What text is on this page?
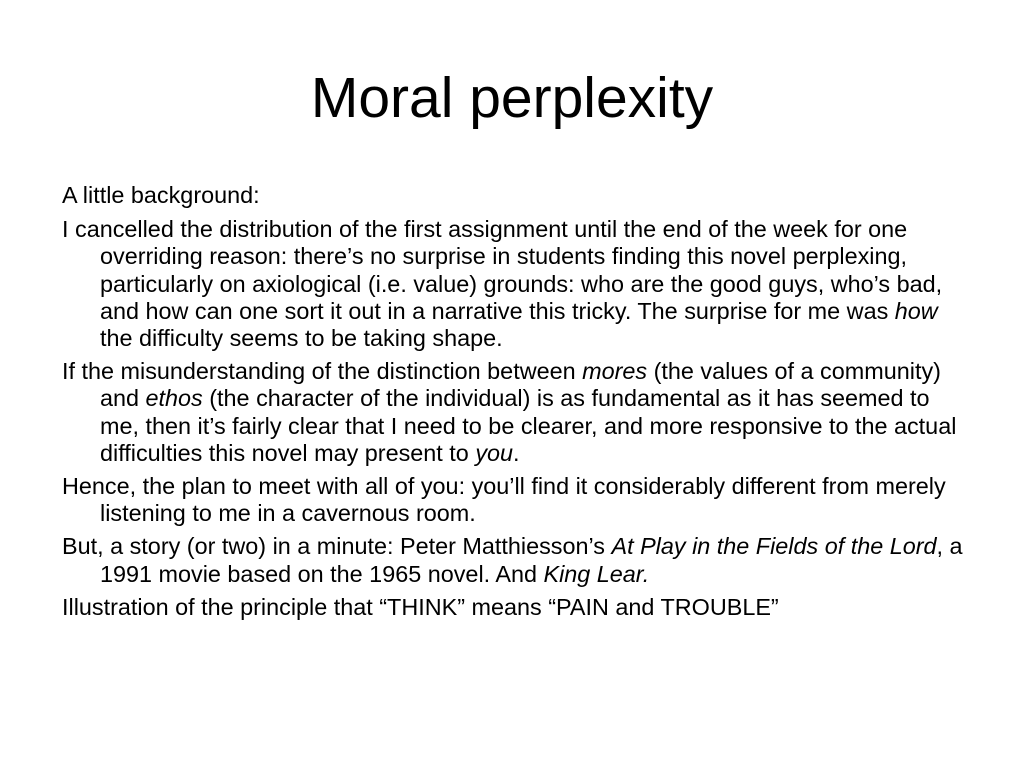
Moral perplexity

A little background:

I cancelled the distribution of the first assignment until the end of the week for one overriding reason: there’s no surprise in students finding this novel perplexing, particularly on axiological (i.e. value) grounds: who are the good guys, who’s bad, and how can one sort it out in a narrative this tricky. The surprise for me was how the difficulty seems to be taking shape.

If the misunderstanding of the distinction between mores (the values of a community) and ethos (the character of the individual) is as fundamental as it has seemed to me, then it’s fairly clear that I need to be clearer, and more responsive to the actual difficulties this novel may present to you.

Hence, the plan to meet with all of you: you’ll find it considerably different from merely listening to me in a cavernous room.

But, a story (or two) in a minute: Peter Matthiesson’s At Play in the Fields of the Lord, a 1991 movie based on the 1965 novel. And King Lear.

Illustration of the principle that “THINK” means “PAIN and TROUBLE”
